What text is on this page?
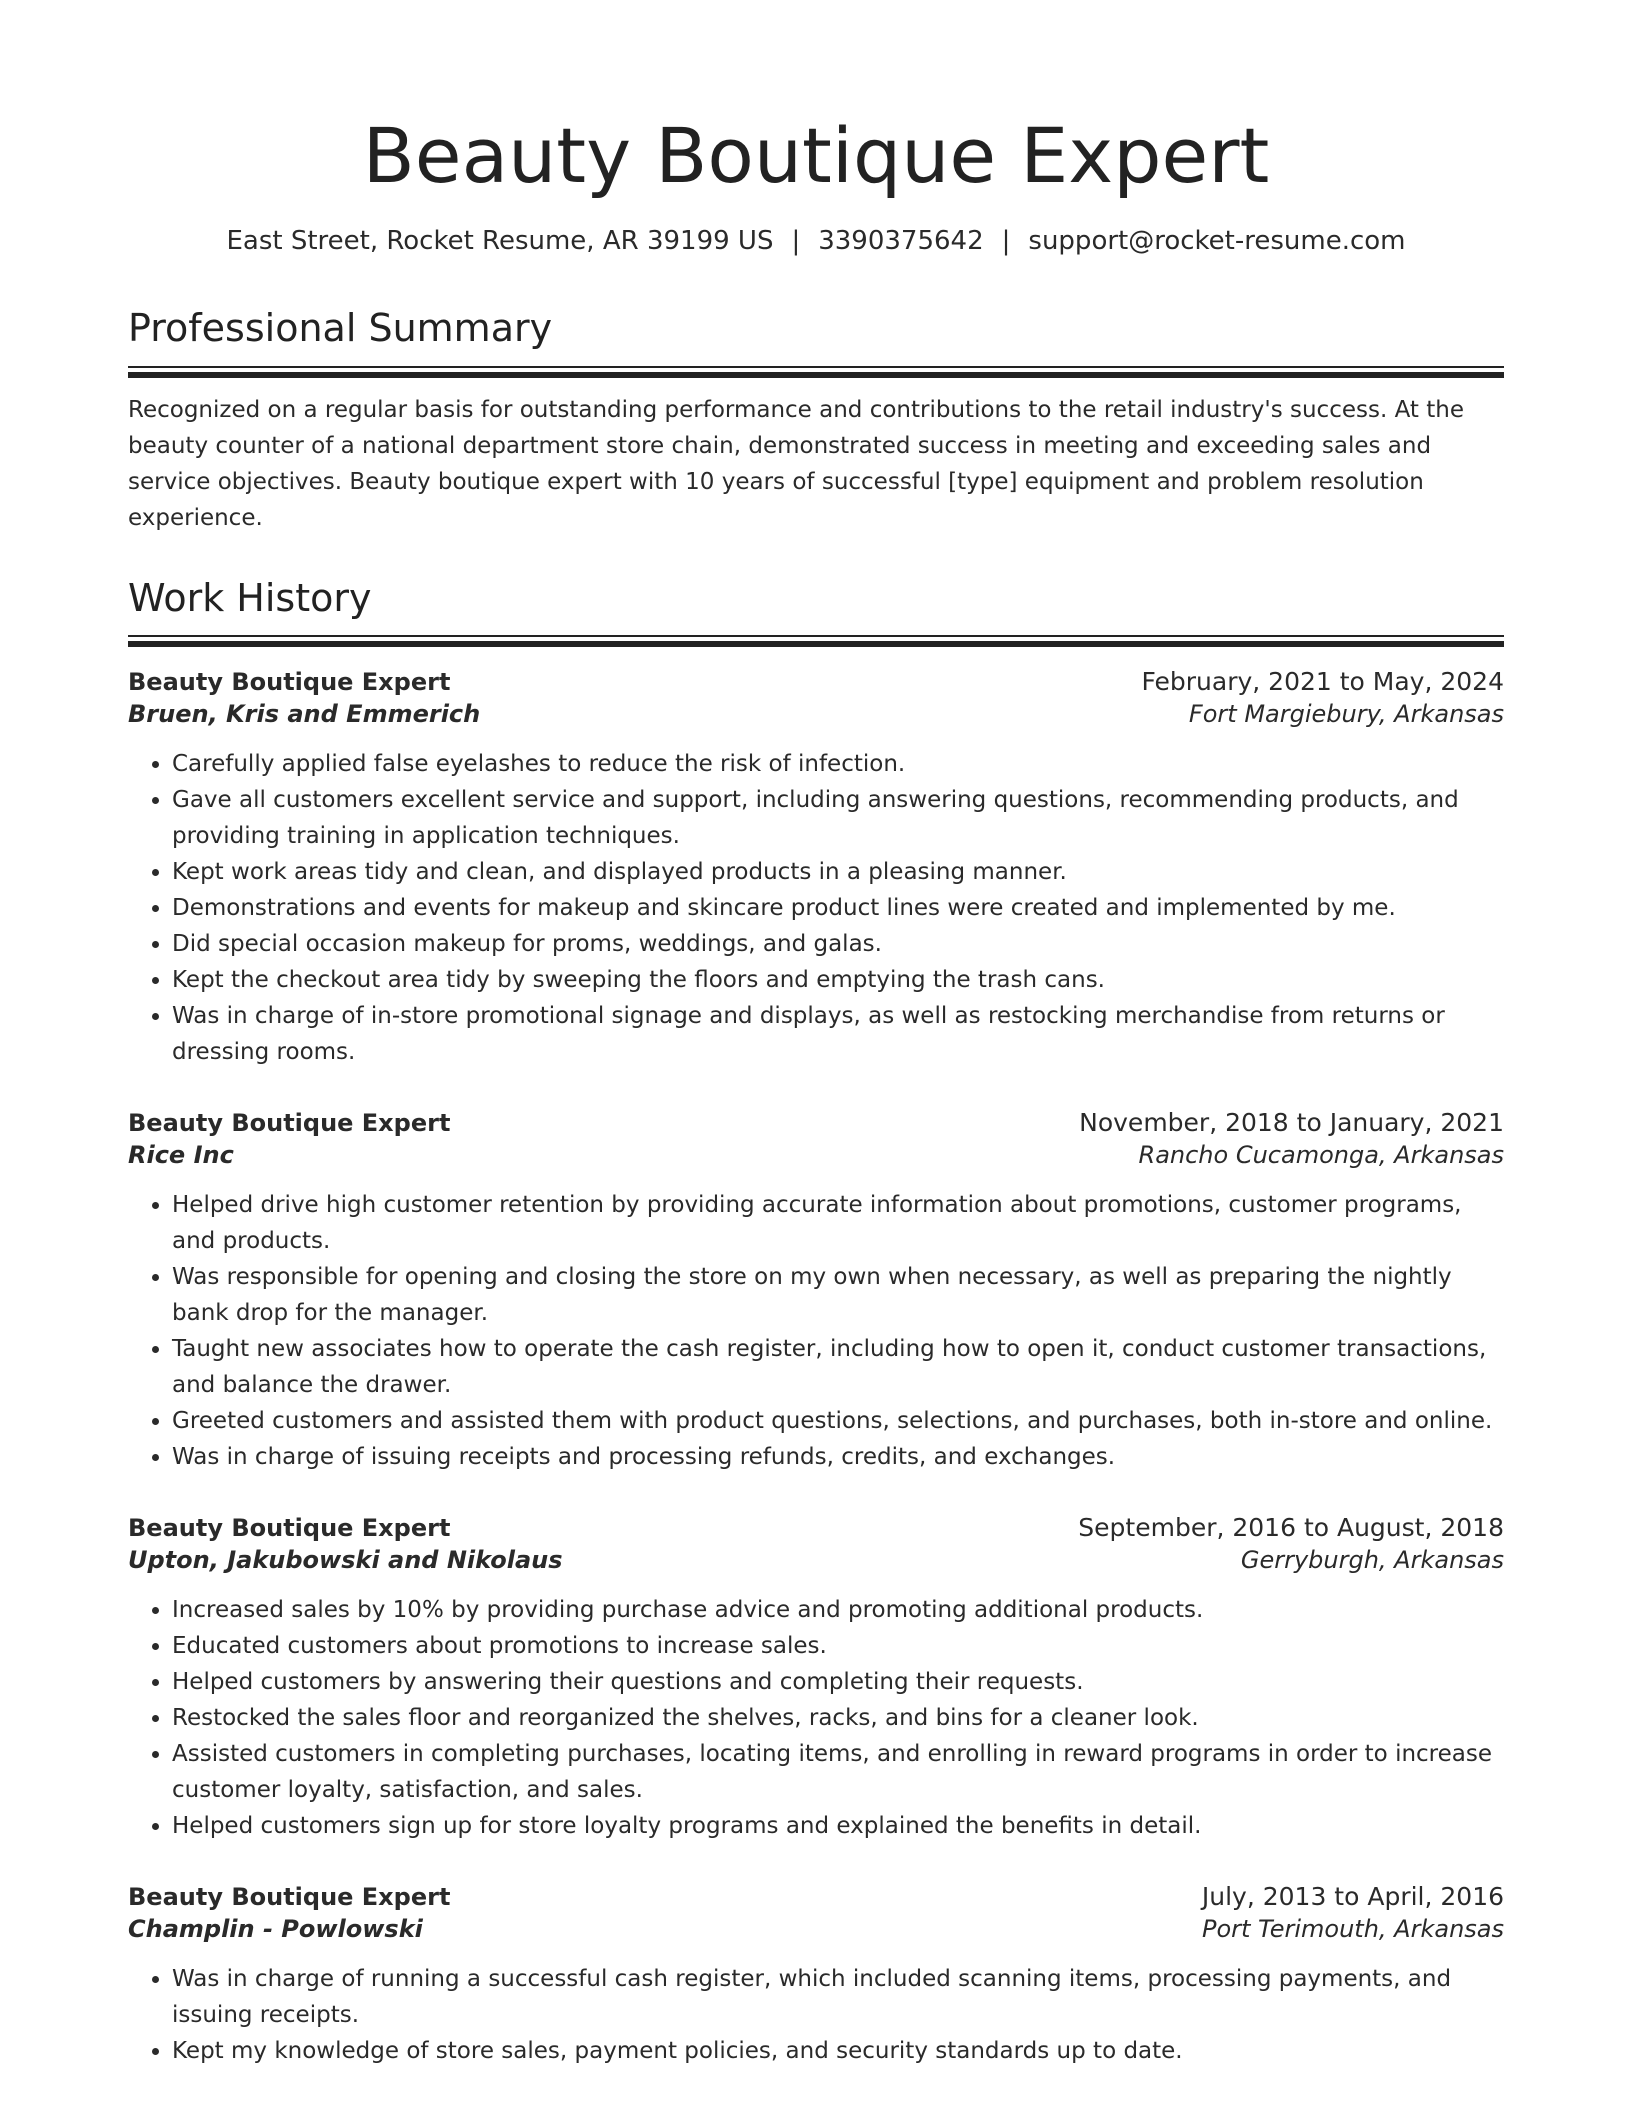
Beauty Boutique Expert
East Street, Rocket Resume, AR 39199 US | 3390375642 | support@rocket-resume.com
Professional Summary

Recognized on a regular basis for outstanding performance and contributions to the retail industry's success. At the beauty counter of a national department store chain, demonstrated success in meeting and exceeding sales and service objectives. Beauty boutique expert with 10 years of successful [type] equipment and problem resolution experience.

Work History
Beauty Boutique Expert	February, 2021 to May, 2024
Bruen, Kris and Emmerich	Fort Margiebury, Arkansas
• Carefully applied false eyelashes to reduce the risk of infection.
• Gave all customers excellent service and support, including answering questions, recommending products, and providing training in application techniques.
• Kept work areas tidy and clean, and displayed products in a pleasing manner.
• Demonstrations and events for makeup and skincare product lines were created and implemented by me.
• Did special occasion makeup for proms, weddings, and galas.
• Kept the checkout area tidy by sweeping the floors and emptying the trash cans.
• Was in charge of in-store promotional signage and displays, as well as restocking merchandise from returns or dressing rooms.
Beauty Boutique Expert	November, 2018 to January, 2021
Rice Inc	Rancho Cucamonga, Arkansas
• Helped drive high customer retention by providing accurate information about promotions, customer programs, and products.
• Was responsible for opening and closing the store on my own when necessary, as well as preparing the nightly bank drop for the manager.
• Taught new associates how to operate the cash register, including how to open it, conduct customer transactions, and balance the drawer.
• Greeted customers and assisted them with product questions, selections, and purchases, both in-store and online.
• Was in charge of issuing receipts and processing refunds, credits, and exchanges.
Beauty Boutique Expert	September, 2016 to August, 2018
Upton, Jakubowski and Nikolaus	Gerryburgh, Arkansas
• Increased sales by 10% by providing purchase advice and promoting additional products.
• Educated customers about promotions to increase sales.
• Helped customers by answering their questions and completing their requests.
• Restocked the sales floor and reorganized the shelves, racks, and bins for a cleaner look.
• Assisted customers in completing purchases, locating items, and enrolling in reward programs in order to increase customer loyalty, satisfaction, and sales.
• Helped customers sign up for store loyalty programs and explained the benefits in detail.
Beauty Boutique Expert	July, 2013 to April, 2016
Champlin - Powlowski	Port Terimouth, Arkansas
• Was in charge of running a successful cash register, which included scanning items, processing payments, and issuing receipts.
• Kept my knowledge of store sales, payment policies, and security standards up to date.
